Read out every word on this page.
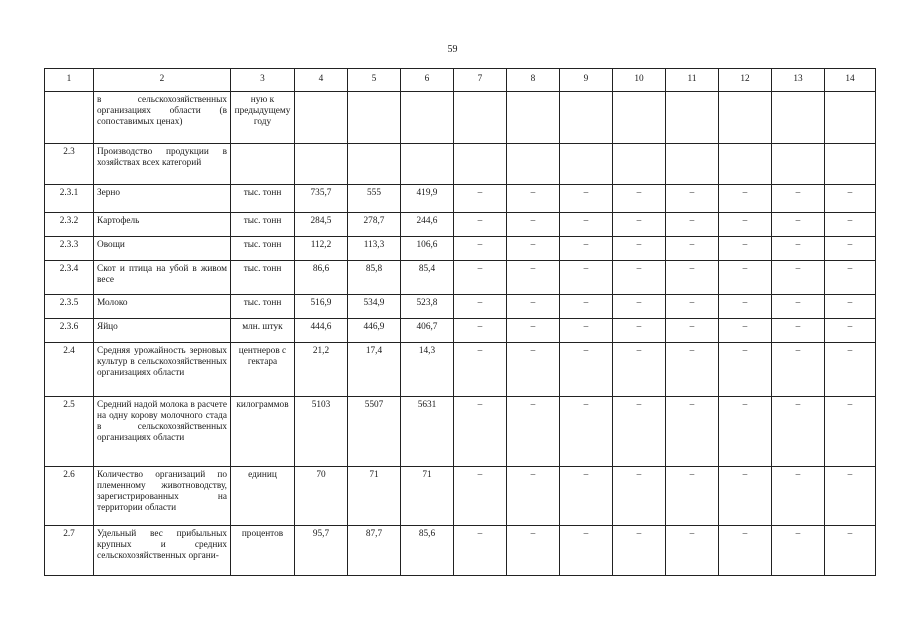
59
1	2	3	4	5	6	7	8	9	10	11	12	13	14
	в сельскохозяйственных организациях области (в сопоставимых ценах)	ную к предыдущему году											
2.3	Производство продукции в хозяйствах всех категорий												
2.3.1	Зерно	тыс. тонн	735,7	555	419,9	–	–	–	–	–	–	–	–
2.3.2	Картофель	тыс. тонн	284,5	278,7	244,6	–	–	–	–	–	–	–	–
2.3.3	Овощи	тыс. тонн	112,2	113,3	106,6	–	–	–	–	–	–	–	–
2.3.4	Скот и птица на убой в живом весе	тыс. тонн	86,6	85,8	85,4	–	–	–	–	–	–	–	–
2.3.5	Молоко	тыс. тонн	516,9	534,9	523,8	–	–	–	–	–	–	–	–
2.3.6	Яйцо	млн. штук	444,6	446,9	406,7	–	–	–	–	–	–	–	–
2.4	Средняя урожайность зерновых культур в сельскохозяйственных организациях области	центнеров с гектара	21,2	17,4	14,3	–	–	–	–	–	–	–	–
2.5	Средний надой молока в расчете на одну корову молочного стада в сельскохозяйственных организациях области	килограммов	5103	5507	5631	–	–	–	–	–	–	–	–
2.6	Количество организаций по племенному животноводству, зарегистрированных на территории области	единиц	70	71	71	–	–	–	–	–	–	–	–
2.7	Удельный вес прибыльных крупных и средних сельскохозяйственных органи-	процентов	95,7	87,7	85,6	–	–	–	–	–	–	–	–
